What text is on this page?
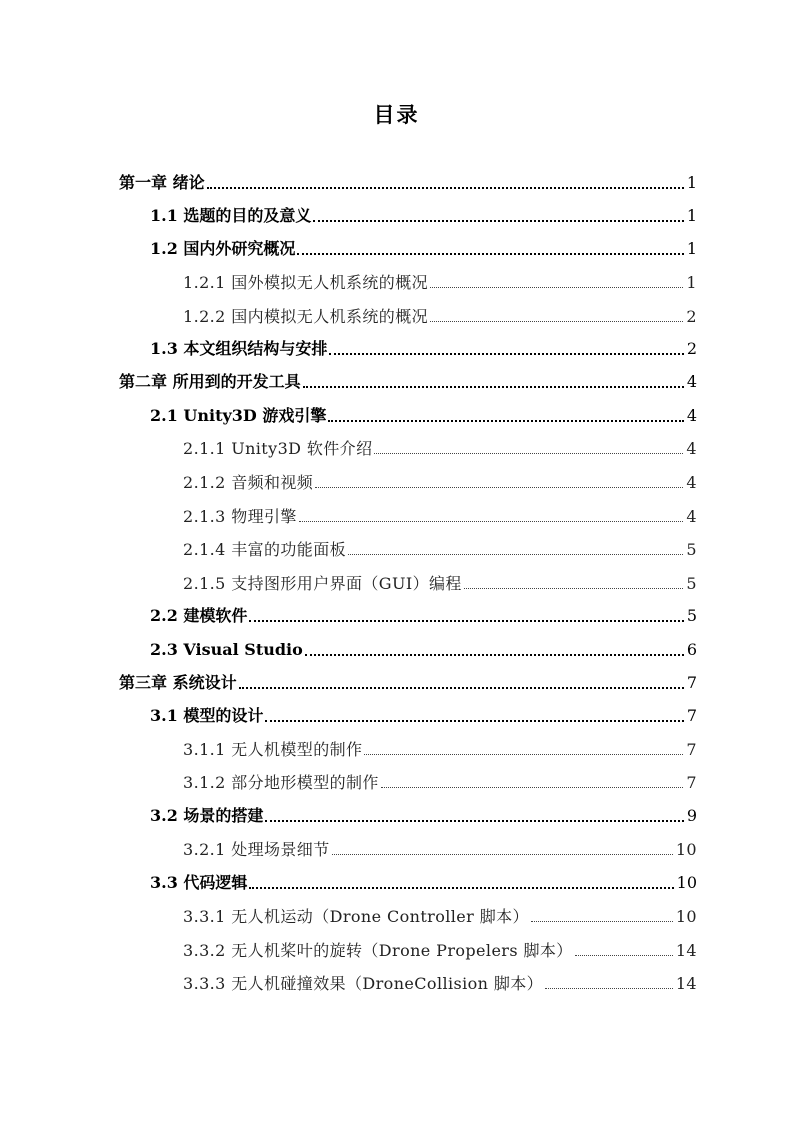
目录
第一章 绪论	1
1.1 选题的目的及意义	1
1.2 国内外研究概况	1
1.2.1 国外模拟无人机系统的概况	1
1.2.2 国内模拟无人机系统的概况	2
1.3 本文组织结构与安排	2
第二章 所用到的开发工具	4
2.1 Unity3D 游戏引擎	4
2.1.1 Unity3D 软件介绍	4
2.1.2 音频和视频	4
2.1.3 物理引擎	4
2.1.4 丰富的功能面板	5
2.1.5 支持图形用户界面（GUI）编程	5
2.2 建模软件	5
2.3 Visual Studio	6
第三章 系统设计	7
3.1 模型的设计	7
3.1.1 无人机模型的制作	7
3.1.2 部分地形模型的制作	7
3.2 场景的搭建	9
3.2.1 处理场景细节	10
3.3 代码逻辑	10
3.3.1 无人机运动（Drone Controller 脚本）	10
3.3.2 无人机桨叶的旋转（Drone Propelers 脚本）	14
3.3.3 无人机碰撞效果（DroneCollision 脚本）	14
